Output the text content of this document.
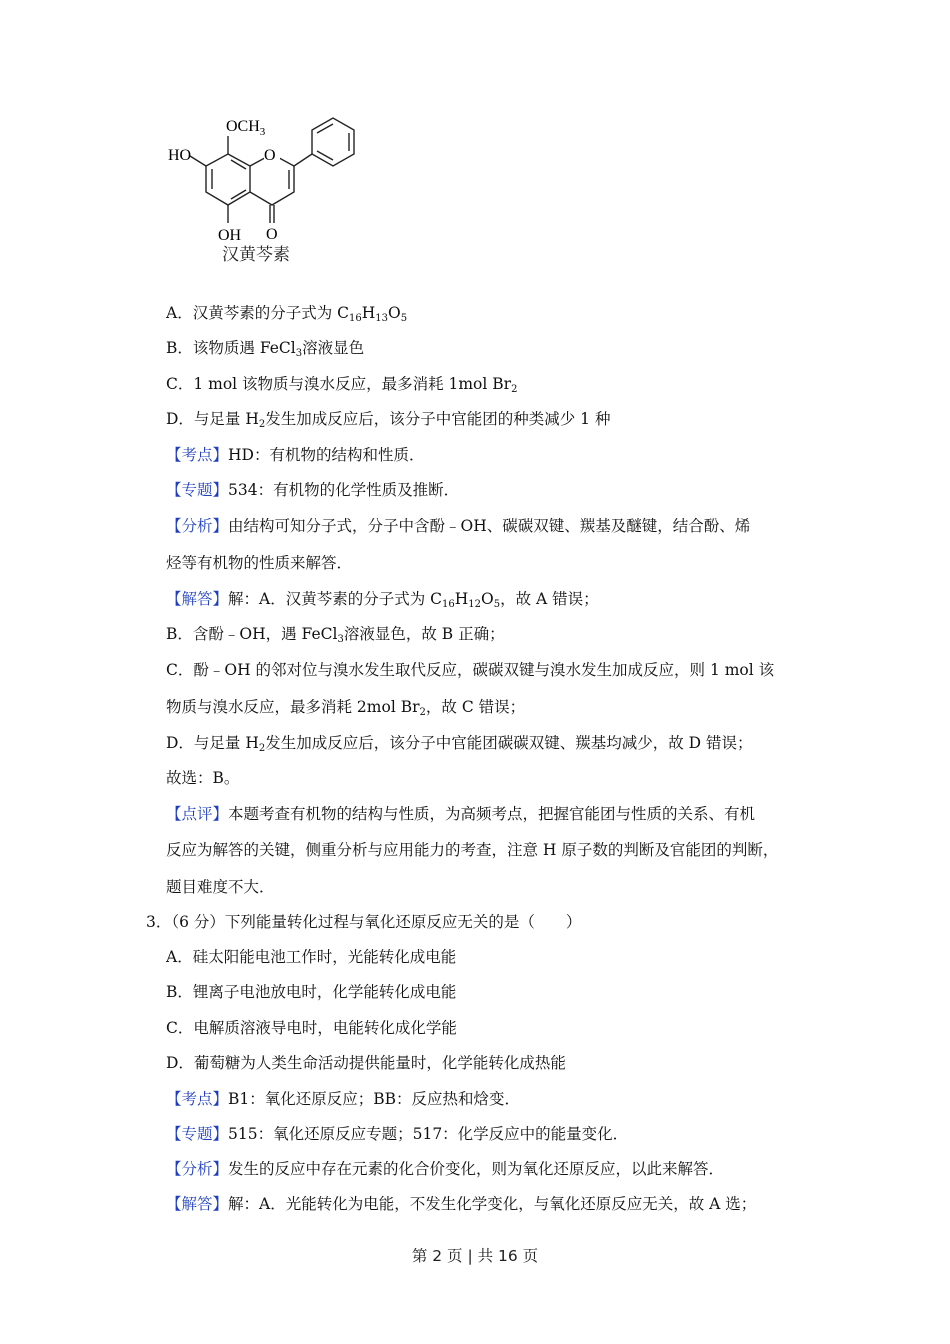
O
$OCH_3$
HO
OH O
汉黄芩素
A．汉黄芩素的分子式为 $C_{16}H_{13}O_5$
B．该物质遇 FeCl$_3$溶液显色
C．1 mol 该物质与溴水反应，最多消耗 1mol $Br_2$
D．与足量 $H_2$发生加成反应后，该分子中官能团的种类减少 1 种
【考点】HD：有机物的结构和性质．
【专题】534：有机物的化学性质及推断．
【分析】由结构可知分子式，分子中含酚﹣OH、碳碳双键、羰基及醚键，结合酚、烯
烃等有机物的性质来解答．
【解答】解：A．汉黄芩素的分子式为 $C_{16}H_{12}O_5$，故 A 错误；
B．含酚﹣OH，遇 FeCl$_3$溶液显色，故 B 正确；
C．酚﹣OH 的邻对位与溴水发生取代反应，碳碳双键与溴水发生加成反应，则 1 mol 该
物质与溴水反应，最多消耗 2mol $Br_2$，故 C 错误；
D．与足量 $H_2$发生加成反应后，该分子中官能团碳碳双键、羰基均减少，故 D 错误；
故选：B。
【点评】本题考查有机物的结构与性质，为高频考点，把握官能团与性质的关系、有机
反应为解答的关键，侧重分析与应用能力的考查，注意 H 原子数的判断及官能团的判断，
题目难度不大．
3．（6 分）下列能量转化过程与氧化还原反应无关的是（　　）
A．硅太阳能电池工作时，光能转化成电能
B．锂离子电池放电时，化学能转化成电能
C．电解质溶液导电时，电能转化成化学能
D．葡萄糖为人类生命活动提供能量时，化学能转化成热能
【考点】B1：氧化还原反应；BB：反应热和焓变．
【专题】515：氧化还原反应专题；517：化学反应中的能量变化．
【分析】发生的反应中存在元素的化合价变化，则为氧化还原反应，以此来解答．
【解答】解：A．光能转化为电能，不发生化学变化，与氧化还原反应无关，故 A 选；
第 2 页 | 共 16 页
